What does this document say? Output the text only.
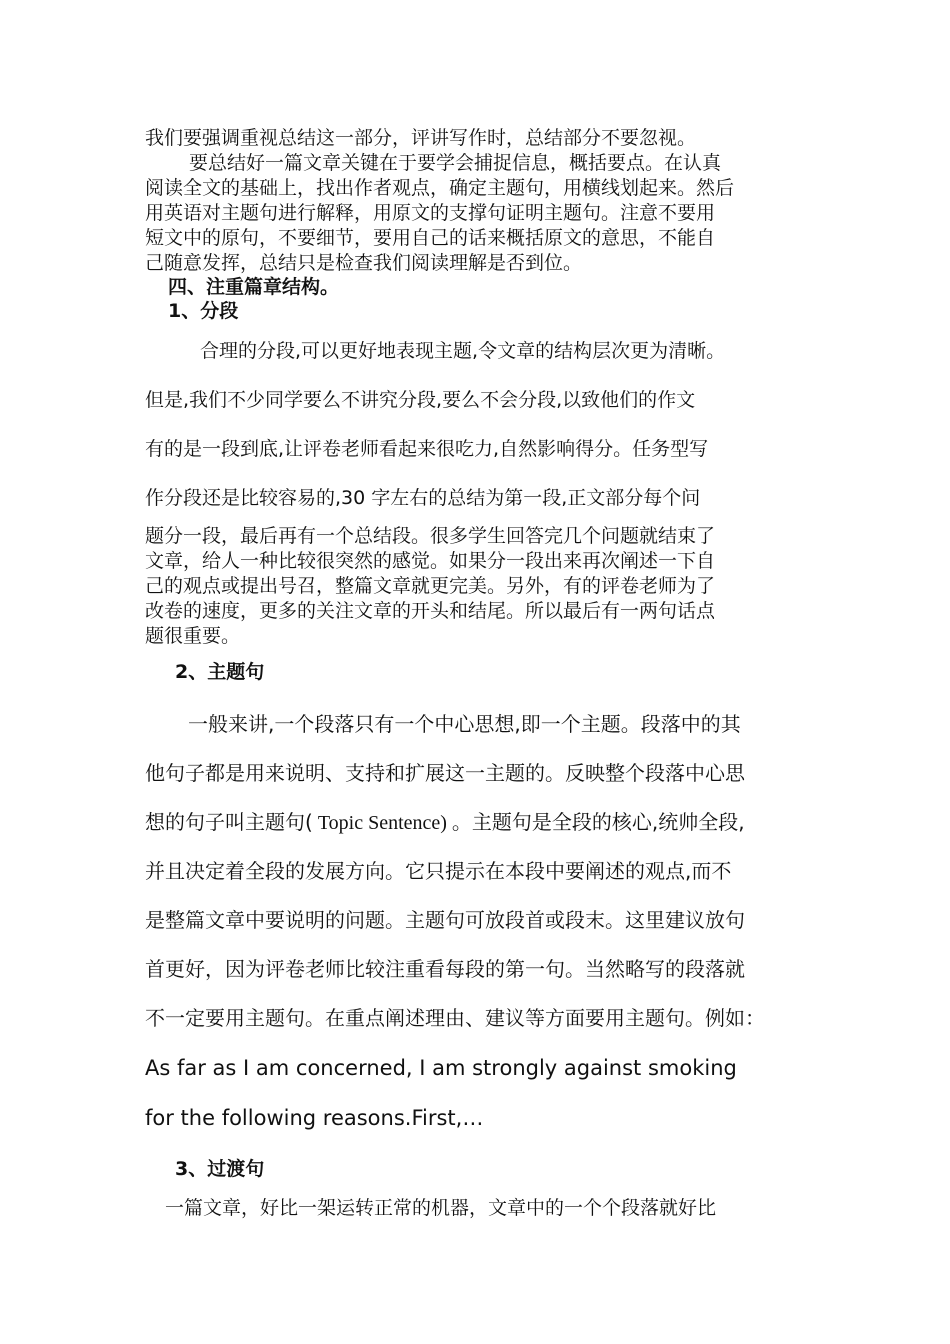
我们要强调重视总结这一部分，评讲写作时，总结部分不要忽视。
要总结好一篇文章关键在于要学会捕捉信息，概括要点。在认真
阅读全文的基础上，找出作者观点，确定主题句，用横线划起来。然后
用英语对主题句进行解释，用原文的支撑句证明主题句。注意不要用
短文中的原句，不要细节，要用自己的话来概括原文的意思，不能自
己随意发挥，总结只是检查我们阅读理解是否到位。
四、注重篇章结构。
1、分段
合理的分段,可以更好地表现主题,令文章的结构层次更为清晰。
但是,我们不少同学要么不讲究分段,要么不会分段,以致他们的作文
有的是一段到底,让评卷老师看起来很吃力,自然影响得分。任务型写
作分段还是比较容易的,30 字左右的总结为第一段,正文部分每个问
题分一段，最后再有一个总结段。很多学生回答完几个问题就结束了
文章，给人一种比较很突然的感觉。如果分一段出来再次阐述一下自
己的观点或提出号召，整篇文章就更完美。另外，有的评卷老师为了
改卷的速度，更多的关注文章的开头和结尾。所以最后有一两句话点
题很重要。
2、主题句
一般来讲,一个段落只有一个中心思想,即一个主题。段落中的其
他句子都是用来说明、支持和扩展这一主题的。反映整个段落中心思
想的句子叫主题句( Topic Sentence) 。主题句是全段的核心,统帅全段,
并且决定着全段的发展方向。它只提示在本段中要阐述的观点,而不
是整篇文章中要说明的问题。主题句可放段首或段末。这里建议放句
首更好，因为评卷老师比较注重看每段的第一句。当然略写的段落就
不一定要用主题句。在重点阐述理由、建议等方面要用主题句。例如：
As far as I am concerned, I am strongly against smoking
for the following reasons.First,…
3、过渡句
一篇文章，好比一架运转正常的机器，文章中的一个个段落就好比
